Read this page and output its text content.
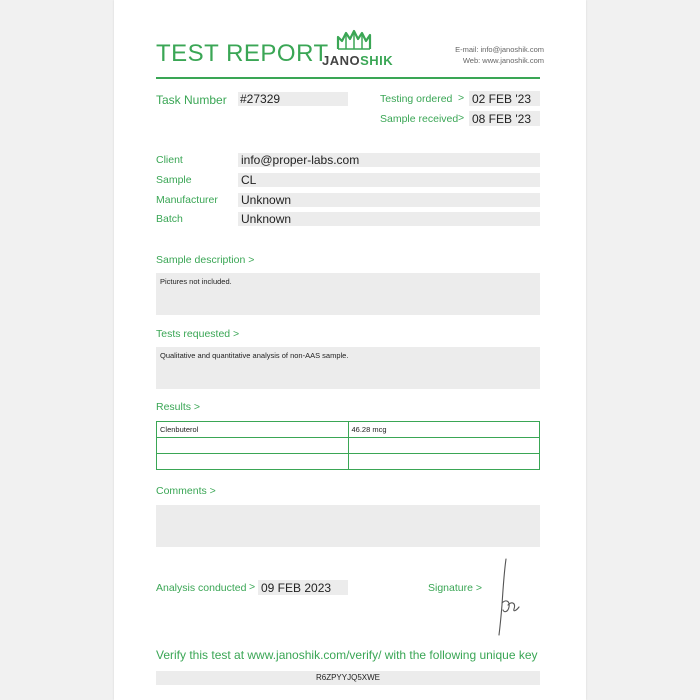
TEST REPORT
JANOSHIK
E-mail: info@janoshik.com
Web: www.janoshik.com
Task Number #27329	Testing ordered > 02 FEB '23
Sample received > 08 FEB '23
Client	info@proper-labs.com
Sample	CL
Manufacturer Unknown
Batch	Unknown
Sample description >
Pictures not included.
Tests requested >
Qualitative and quantitative analysis of non-AAS sample.
Results >
Clenbuterol	46.28 mcg

Comments >
Analysis conducted > 09 FEB 2023	Signature >
Verify this test at www.janoshik.com/verify/ with the following unique key
R6ZPYYJQ5XWE
